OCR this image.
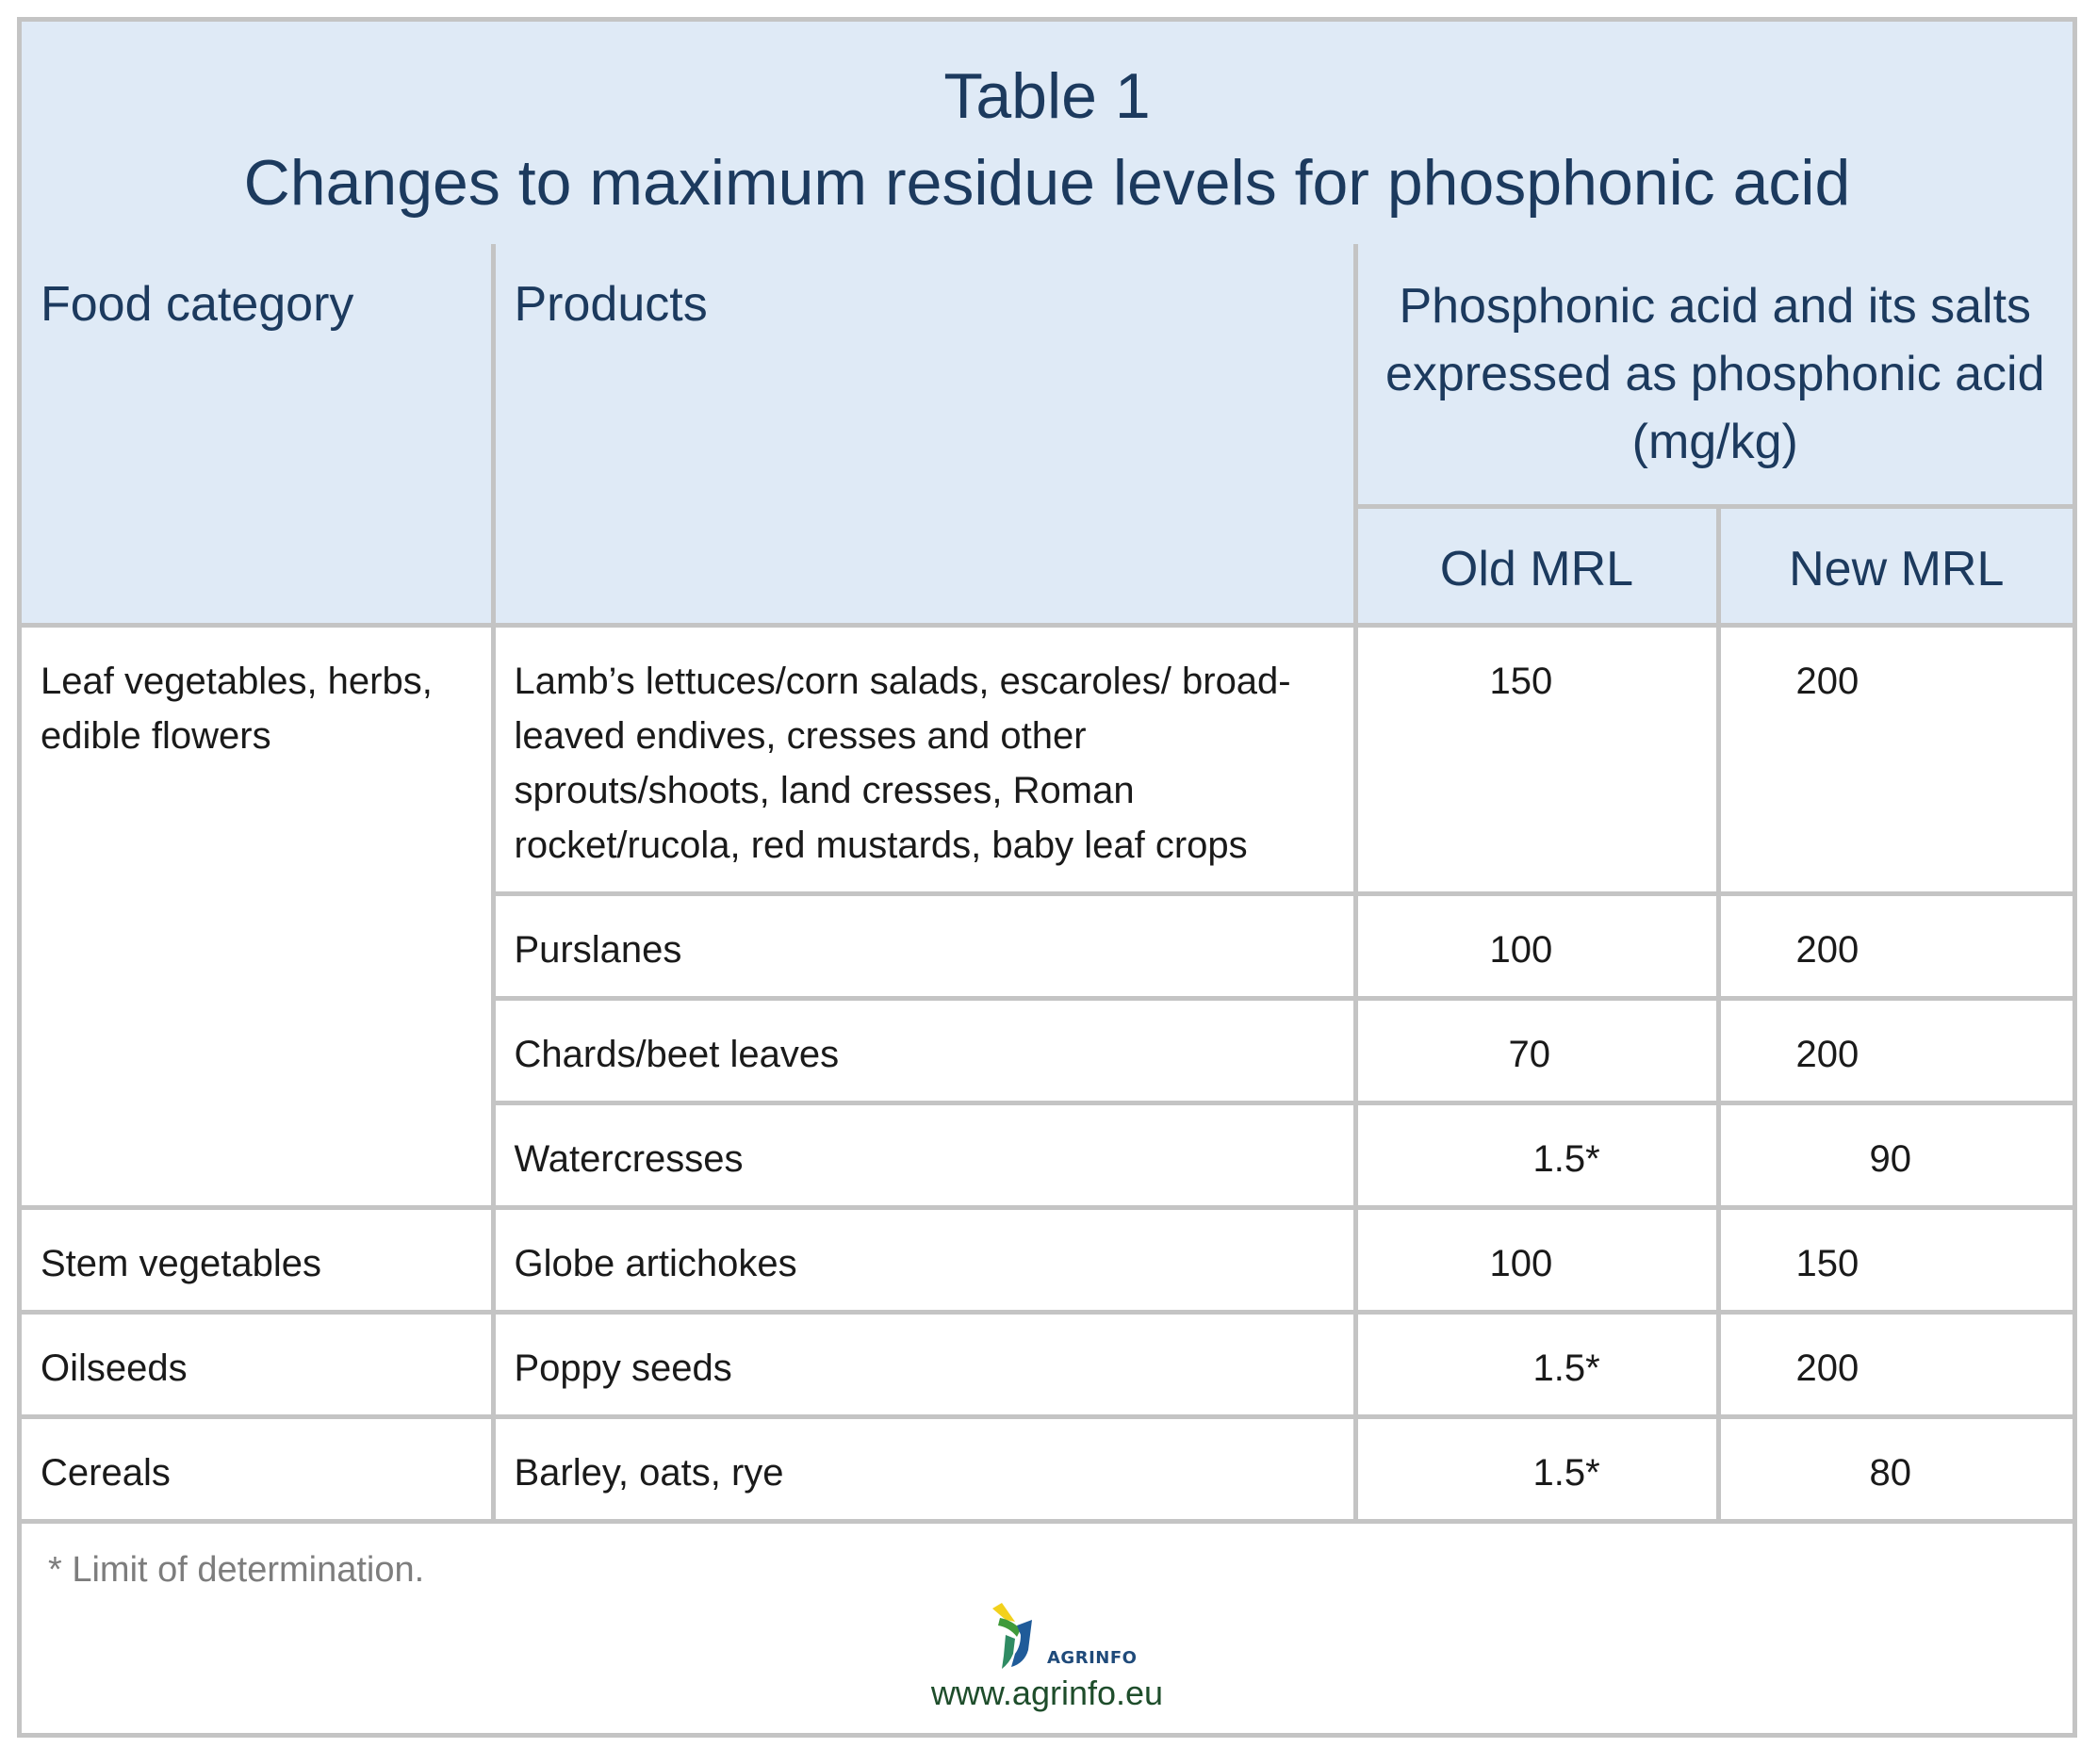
Table 1
Changes to maximum residue levels for phosphonic acid
Food category	Products	Phosphonic acid and its salts expressed as phosphonic acid (mg/kg)	
		Old MRL	New MRL
Leaf vegetables, herbs, edible flowers	Lamb’s lettuces/corn salads, escaroles/ broad-leaved endives, cresses and other sprouts/shoots, land cresses, Roman rocket/rucola, red mustards, baby leaf crops	150	200
	Purslanes	100	200
	Chards/beet leaves	70	200
	Watercresses	1.5*	90
Stem vegetables	Globe artichokes	100	150
Oilseeds	Poppy seeds	1.5*	200
Cereals	Barley, oats, rye	1.5*	80
* Limit of determination.
AGRINFO
www.agrinfo.eu
